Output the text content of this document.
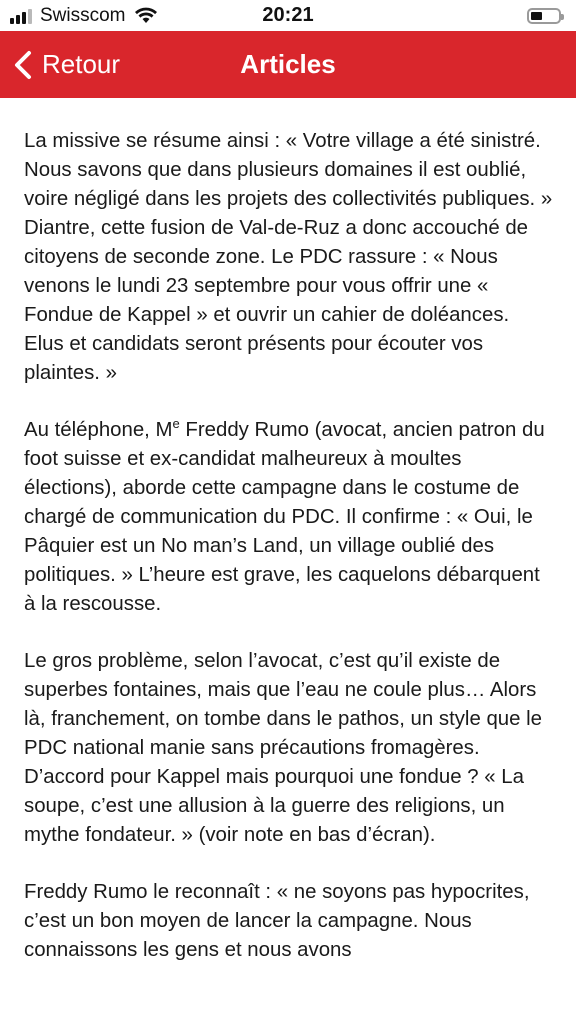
Swisscom	20:21
Retour	Articles

La missive se résume ainsi : « Votre village a été sinistré. Nous savons que dans plusieurs domaines il est oublié, voire négligé dans les projets des collectivités publiques. » Diantre, cette fusion de Val-de-Ruz a donc accouché de citoyens de seconde zone. Le PDC rassure : « Nous venons le lundi 23 septembre pour vous offrir une « Fondue de Kappel » et ouvrir un cahier de doléances. Elus et candidats seront présents pour écouter vos plaintes. »

Au téléphone, Me Freddy Rumo (avocat, ancien patron du foot suisse et ex-candidat malheureux à moultes élections), aborde cette campagne dans le costume de chargé de communication du PDC. Il confirme : « Oui, le Pâquier est un No man’s Land, un village oublié des politiques. » L’heure est grave, les caquelons débarquent à la rescousse.

Le gros problème, selon l’avocat, c’est qu’il existe de superbes fontaines, mais que l’eau ne coule plus… Alors là, franchement, on tombe dans le pathos, un style que le PDC national manie sans précautions fromagères. D’accord pour Kappel mais pourquoi une fondue ? « La soupe, c’est une allusion à la guerre des religions, un mythe fondateur. » (voir note en bas d’écran).

Freddy Rumo le reconnaît : « ne soyons pas hypocrites, c’est un bon moyen de lancer la campagne. Nous connaissons les gens et nous avons
